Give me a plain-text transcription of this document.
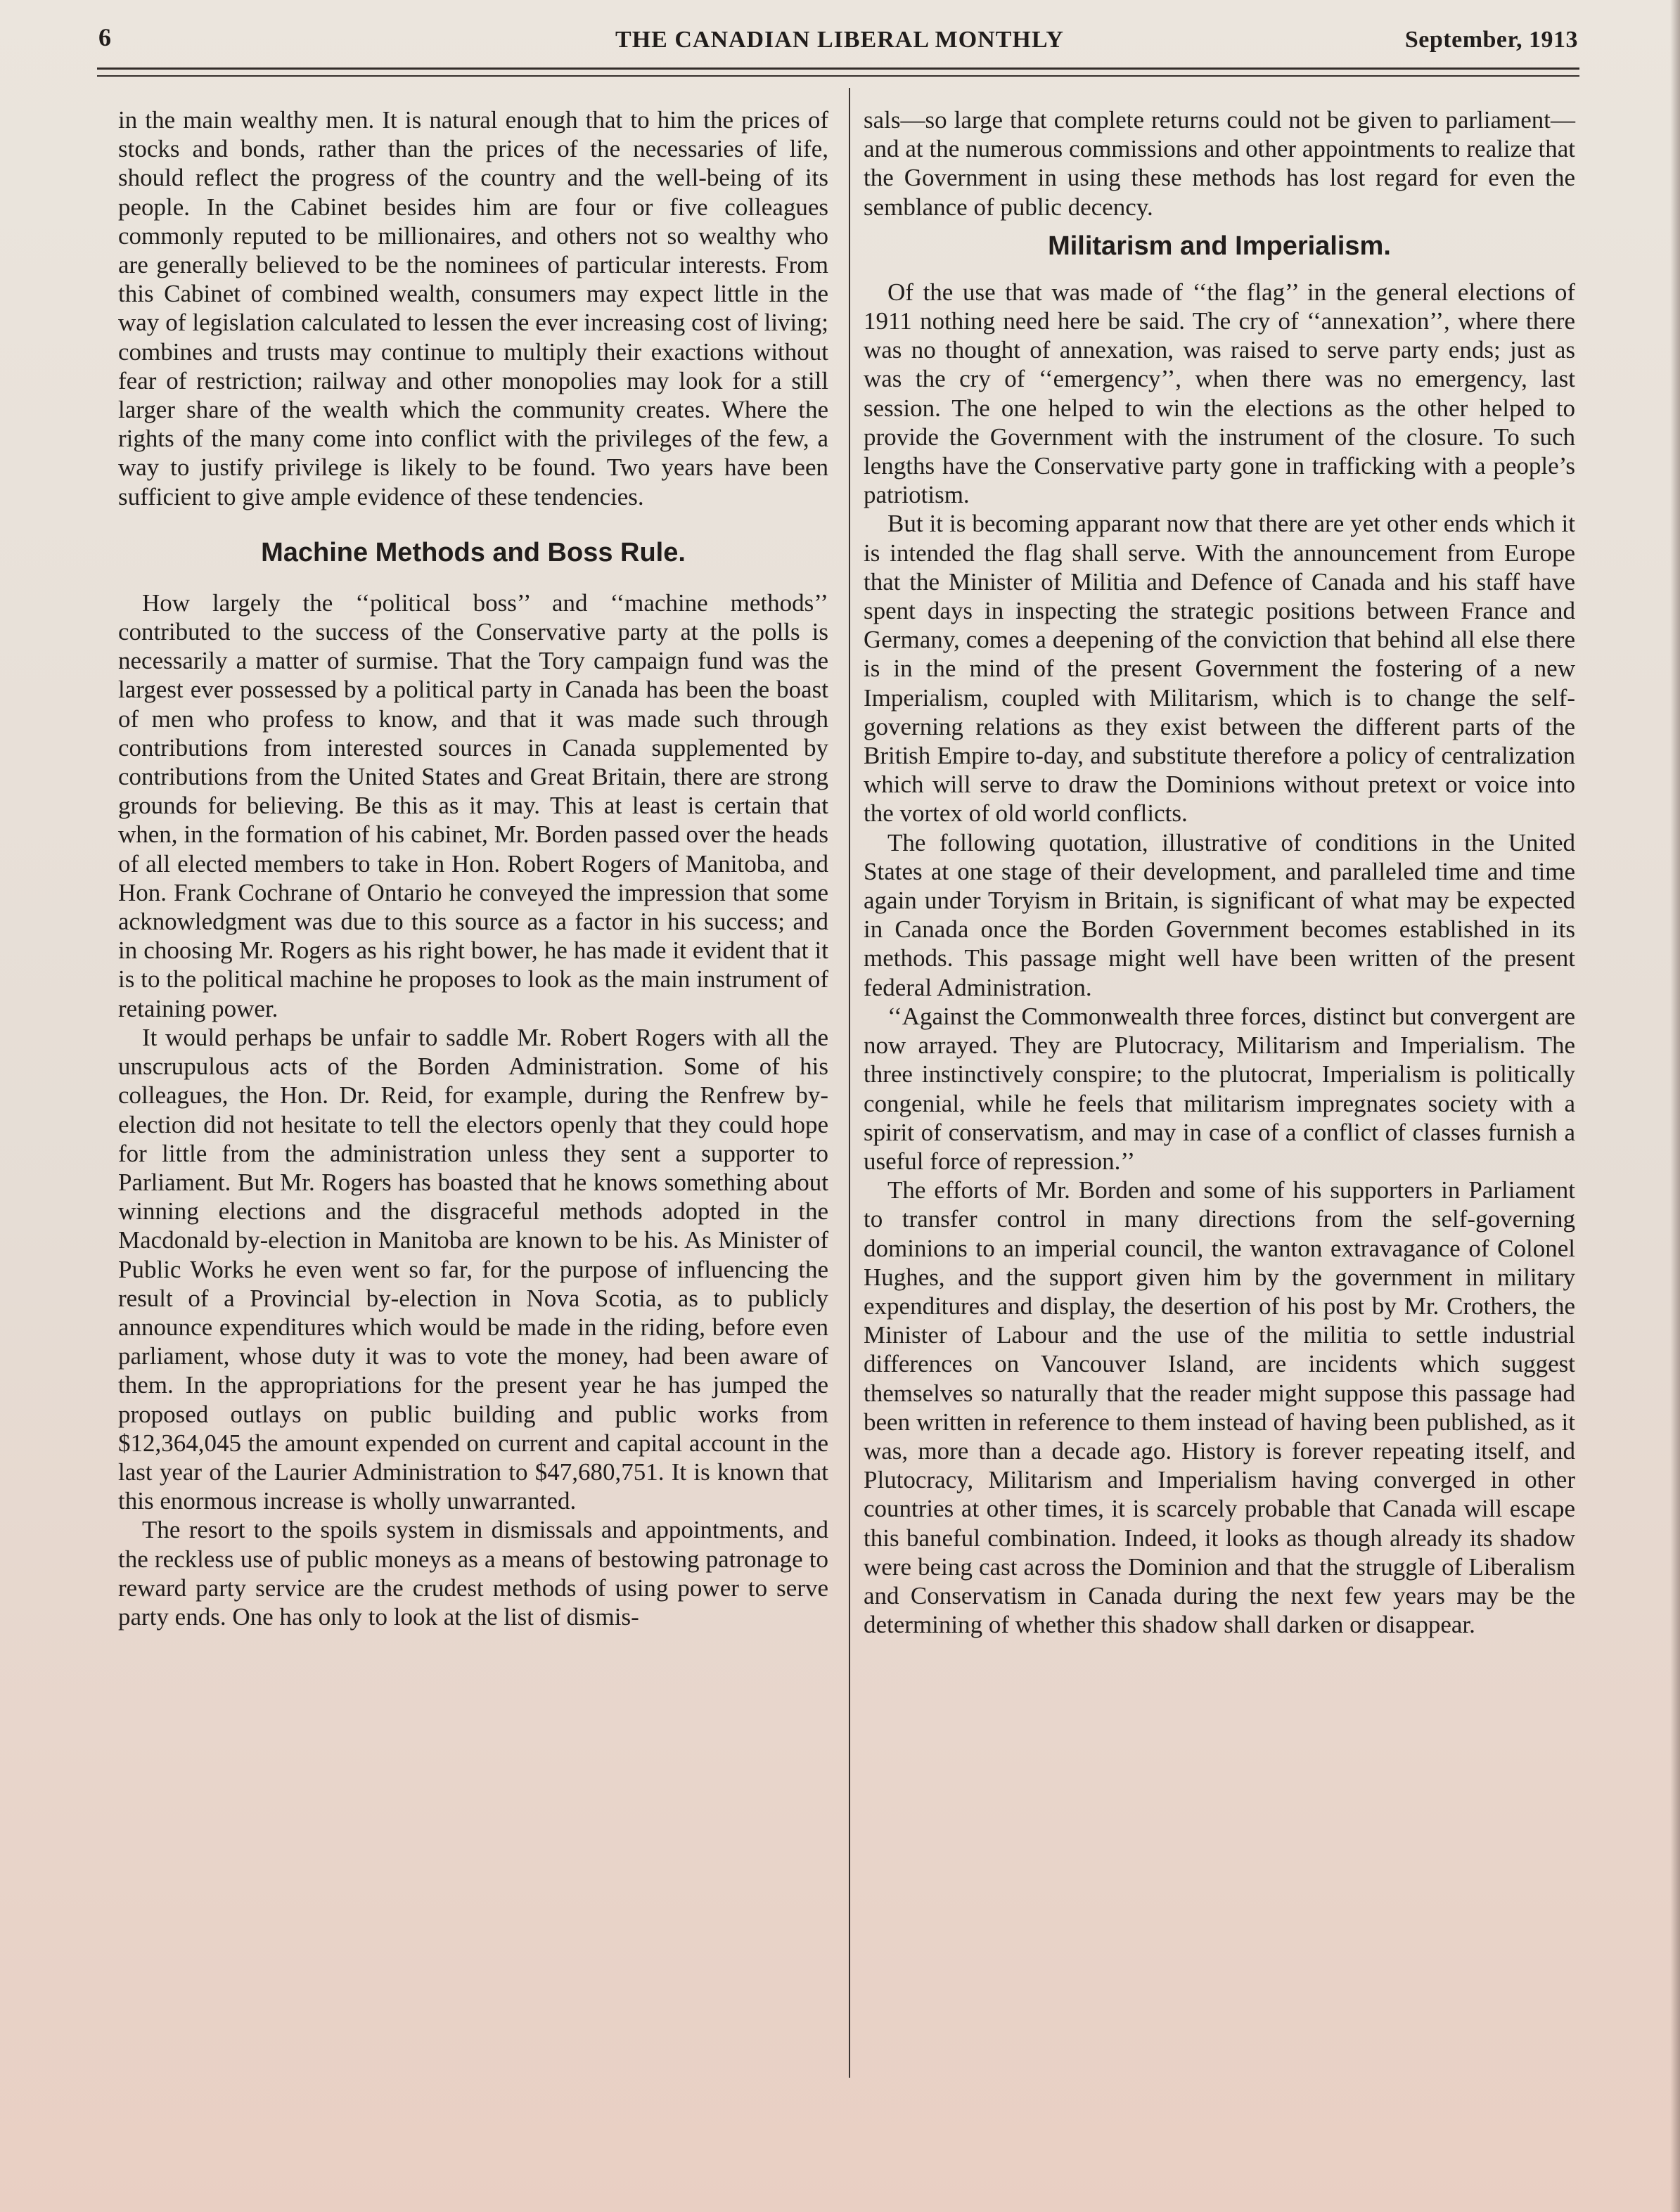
6	THE CANADIAN LIBERAL MONTHLY	September, 1913

in the main wealthy men. It is natural enough that to him the prices of stocks and bonds, rather than the prices of the necessaries of life, should reflect the progress of the country and the well-being of its people. In the Cabinet besides him are four or five colleagues commonly reputed to be millionaires, and others not so wealthy who are generally believed to be the nominees of particular interests. From this Cabinet of combined wealth, consumers may expect little in the way of legislation calculated to lessen the ever increasing cost of living; combines and trusts may continue to multiply their exactions without fear of restriction; railway and other monopolies may look for a still larger share of the wealth which the community creates. Where the rights of the many come into conflict with the privileges of the few, a way to justify privilege is likely to be found. Two years have been sufficient to give ample evidence of these tendencies.

Machine Methods and Boss Rule.

How largely the ‘‘political boss’’ and ‘‘machine methods’’ contributed to the success of the Conservative party at the polls is necessarily a matter of surmise. That the Tory campaign fund was the largest ever possessed by a political party in Canada has been the boast of men who profess to know, and that it was made such through contributions from interested sources in Canada supplemented by contributions from the United States and Great Britain, there are strong grounds for believing. Be this as it may. This at least is certain that when, in the formation of his cabinet, Mr. Borden passed over the heads of all elected members to take in Hon. Robert Rogers of Manitoba, and Hon. Frank Cochrane of Ontario he conveyed the impression that some acknowledgment was due to this source as a factor in his success; and in choosing Mr. Rogers as his right bower, he has made it evident that it is to the political machine he proposes to look as the main instrument of retaining power.

It would perhaps be unfair to saddle Mr. Robert Rogers with all the unscrupulous acts of the Borden Administration. Some of his colleagues, the Hon. Dr. Reid, for example, during the Renfrew by-election did not hesitate to tell the electors openly that they could hope for little from the administration unless they sent a supporter to Parliament. But Mr. Rogers has boasted that he knows something about winning elections and the disgraceful methods adopted in the Macdonald by-election in Manitoba are known to be his. As Minister of Public Works he even went so far, for the purpose of influencing the result of a Provincial by-election in Nova Scotia, as to publicly announce expenditures which would be made in the riding, before even parliament, whose duty it was to vote the money, had been aware of them. In the appropriations for the present year he has jumped the proposed outlays on public building and public works from $12,364,045 the amount expended on current and capital account in the last year of the Laurier Administration to $47,680,751. It is known that this enormous increase is wholly unwarranted.

The resort to the spoils system in dismissals and appointments, and the reckless use of public moneys as a means of bestowing patronage to reward party service are the crudest methods of using power to serve party ends. One has only to look at the list of dismis-

sals—so large that complete returns could not be given to parliament—and at the numerous commissions and other appointments to realize that the Government in using these methods has lost regard for even the semblance of public decency.

Militarism and Imperialism.

Of the use that was made of ‘‘the flag’’ in the general elections of 1911 nothing need here be said. The cry of ‘‘annexation’’, where there was no thought of annexation, was raised to serve party ends; just as was the cry of ‘‘emergency’’, when there was no emergency, last session. The one helped to win the elections as the other helped to provide the Government with the instrument of the closure. To such lengths have the Conservative party gone in trafficking with a people’s patriotism.

But it is becoming apparant now that there are yet other ends which it is intended the flag shall serve. With the announcement from Europe that the Minister of Militia and Defence of Canada and his staff have spent days in inspecting the strategic positions between France and Germany, comes a deepening of the conviction that behind all else there is in the mind of the present Government the fostering of a new Imperialism, coupled with Militarism, which is to change the self-governing relations as they exist between the different parts of the British Empire to-day, and substitute therefore a policy of centralization which will serve to draw the Dominions without pretext or voice into the vortex of old world conflicts.

The following quotation, illustrative of conditions in the United States at one stage of their development, and paralleled time and time again under Toryism in Britain, is significant of what may be expected in Canada once the Borden Government becomes established in its methods. This passage might well have been written of the present federal Administration.

‘‘Against the Commonwealth three forces, distinct but convergent are now arrayed. They are Plutocracy, Militarism and Imperialism. The three instinctively conspire; to the plutocrat, Imperialism is politically congenial, while he feels that militarism impregnates society with a spirit of conservatism, and may in case of a conflict of classes furnish a useful force of repression.’’

The efforts of Mr. Borden and some of his supporters in Parliament to transfer control in many directions from the self-governing dominions to an imperial council, the wanton extravagance of Colonel Hughes, and the support given him by the government in military expenditures and display, the desertion of his post by Mr. Crothers, the Minister of Labour and the use of the militia to settle industrial differences on Vancouver Island, are incidents which suggest themselves so naturally that the reader might suppose this passage had been written in reference to them instead of having been published, as it was, more than a decade ago. History is forever repeating itself, and Plutocracy, Militarism and Imperialism having converged in other countries at other times, it is scarcely probable that Canada will escape this baneful combination. Indeed, it looks as though already its shadow were being cast across the Dominion and that the struggle of Liberalism and Conservatism in Canada during the next few years may be the determining of whether this shadow shall darken or disappear.
